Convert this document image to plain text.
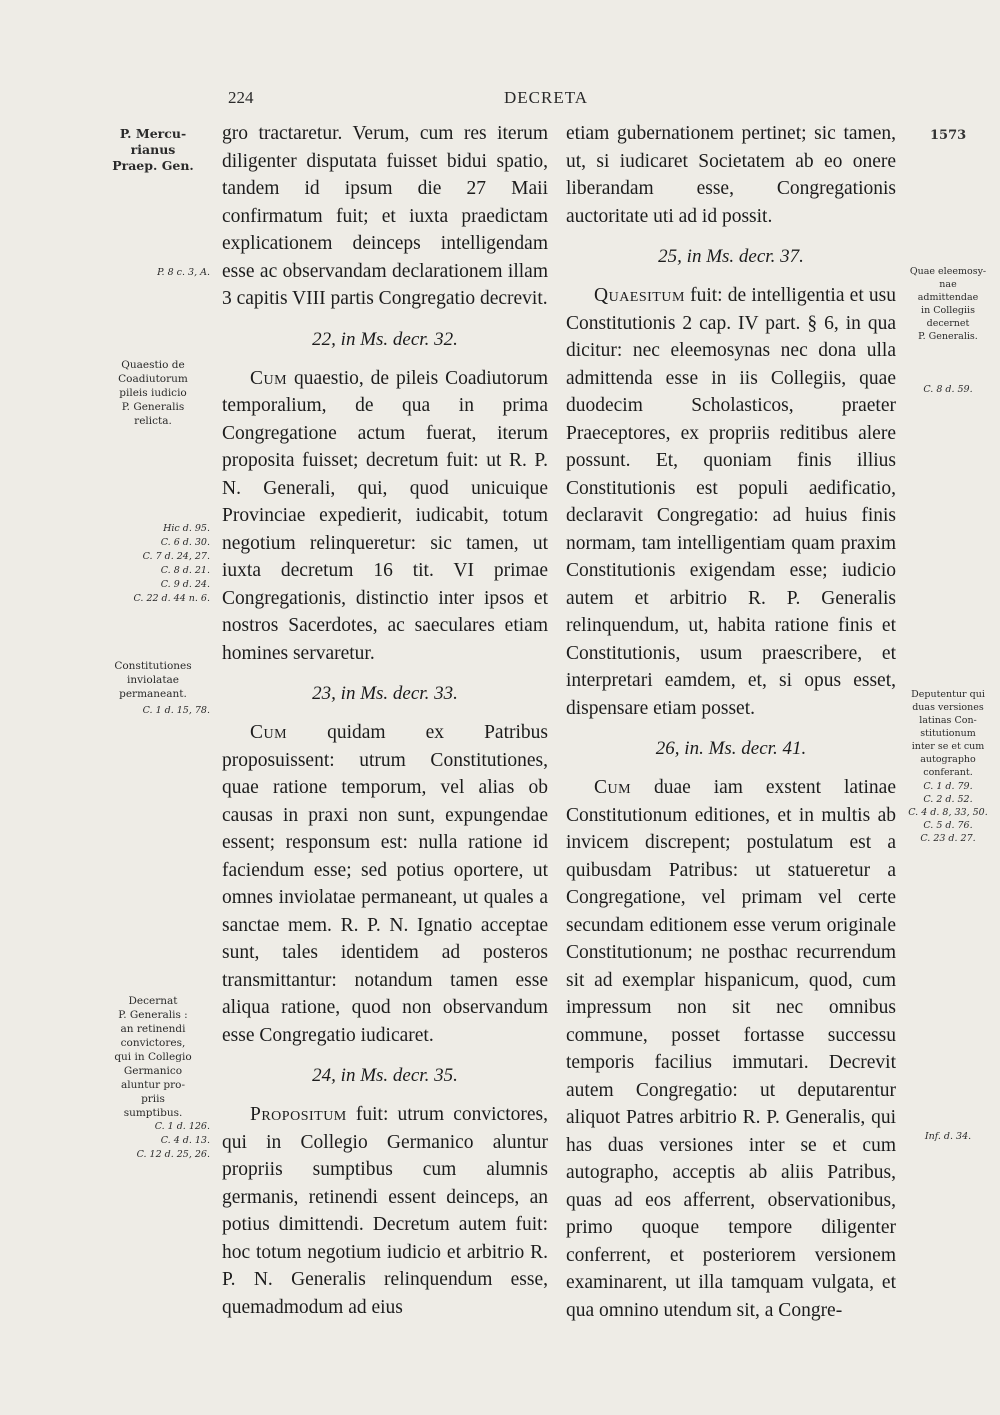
224	DECRETA
1573
P. Mercu-
rianus
Praep. Gen.
P. 8 c. 3, A.
Quaestio de
Coadiutorum
pileis iudicio
P. Generalis
relicta.
Hic d. 95.
C. 6 d. 30.
C. 7 d. 24, 27.
C. 8 d. 21.
C. 9 d. 24.
C. 22 d. 44 n. 6.
Constitutiones
inviolatae
permaneant.
C. 1 d. 15, 78.
Decernat
P. Generalis :
an retinendi
convictores,
qui in Collegio
Germanico
aluntur pro-
priis
sumptibus.
C. 1 d. 126.
C. 4 d. 13.
C. 12 d. 25, 26.
Quae eleemosy-
nae
admittendae
in Collegiis
decernet
P. Generalis.
C. 8 d. 59.
Deputentur qui
duas versiones
latinas Con-
stitutionum
inter se et cum
autographo
conferant.
C. 1 d. 79.
C. 2 d. 52.
C. 4 d. 8, 33, 50.
C. 5 d. 76.
C. 23 d. 27.
Inf. d. 34.

gro tractaretur. Verum, cum res iterum diligenter disputata fuisset bidui spatio, tandem id ipsum die 27 Maii confirmatum fuit; et iuxta praedictam explicationem deinceps intelligendam esse ac observandam declarationem illam 3 capitis VIII partis Congregatio decrevit.

22, in Ms. decr. 32.

Cum quaestio, de pileis Coadiutorum temporalium, de qua in prima Congregatione actum fuerat, iterum proposita fuisset; decretum fuit: ut R. P. N. Generali, qui, quod unicuique Provinciae expedierit, iudicabit, totum negotium relinqueretur: sic tamen, ut iuxta decretum 16 tit. VI primae Congregationis, distinctio inter ipsos et nostros Sacerdotes, ac saeculares etiam homines servaretur.

23, in Ms. decr. 33.

Cum quidam ex Patribus proposuissent: utrum Constitutiones, quae ratione temporum, vel alias ob causas in praxi non sunt, expungendae essent; responsum est: nulla ratione id faciendum esse; sed potius oportere, ut omnes inviolatae permaneant, ut quales a sanctae mem. R. P. N. Ignatio acceptae sunt, tales identidem ad posteros transmittantur: notandum tamen esse aliqua ratione, quod non observandum esse Congregatio iudicaret.

24, in Ms. decr. 35.

Propositum fuit: utrum convictores, qui in Collegio Germanico aluntur propriis sumptibus cum alumnis germanis, retinendi essent deinceps, an potius dimittendi. Decretum autem fuit: hoc totum negotium iudicio et arbitrio R. P. N. Generalis relinquendum esse, quemadmodum ad eius

etiam gubernationem pertinet; sic tamen, ut, si iudicaret Societatem ab eo onere liberandam esse, Congregationis auctoritate uti ad id possit.

25, in Ms. decr. 37.

Quaesitum fuit: de intelligentia et usu Constitutionis 2 cap. IV part. § 6, in qua dicitur: nec eleemosynas nec dona ulla admittenda esse in iis Collegiis, quae duodecim Scholasticos, praeter Praeceptores, ex propriis reditibus alere possunt. Et, quoniam finis illius Constitutionis est populi aedificatio, declaravit Congregatio: ad huius finis normam, tam intelligentiam quam praxim Constitutionis exigendam esse; iudicio autem et arbitrio R. P. Generalis relinquendum, ut, habita ratione finis et Constitutionis, usum praescribere, et interpretari eamdem, et, si opus esset, dispensare etiam posset.

26, in. Ms. decr. 41.

Cum duae iam exstent latinae Constitutionum editiones, et in multis ab invicem discrepent; postulatum est a quibusdam Patribus: ut statueretur a Congregatione, vel primam vel certe secundam editionem esse verum originale Constitutionum; ne posthac recurrendum sit ad exemplar hispanicum, quod, cum impressum non sit nec omnibus commune, posset fortasse successu temporis facilius immutari. Decrevit autem Congregatio: ut deputarentur aliquot Patres arbitrio R. P. Generalis, qui has duas versiones inter se et cum autographo, acceptis ab aliis Patribus, quas ad eos afferrent, observationibus, primo quoque tempore diligenter conferrent, et posteriorem versionem examinarent, ut illa tamquam vulgata, et qua omnino utendum sit, a Congre-
